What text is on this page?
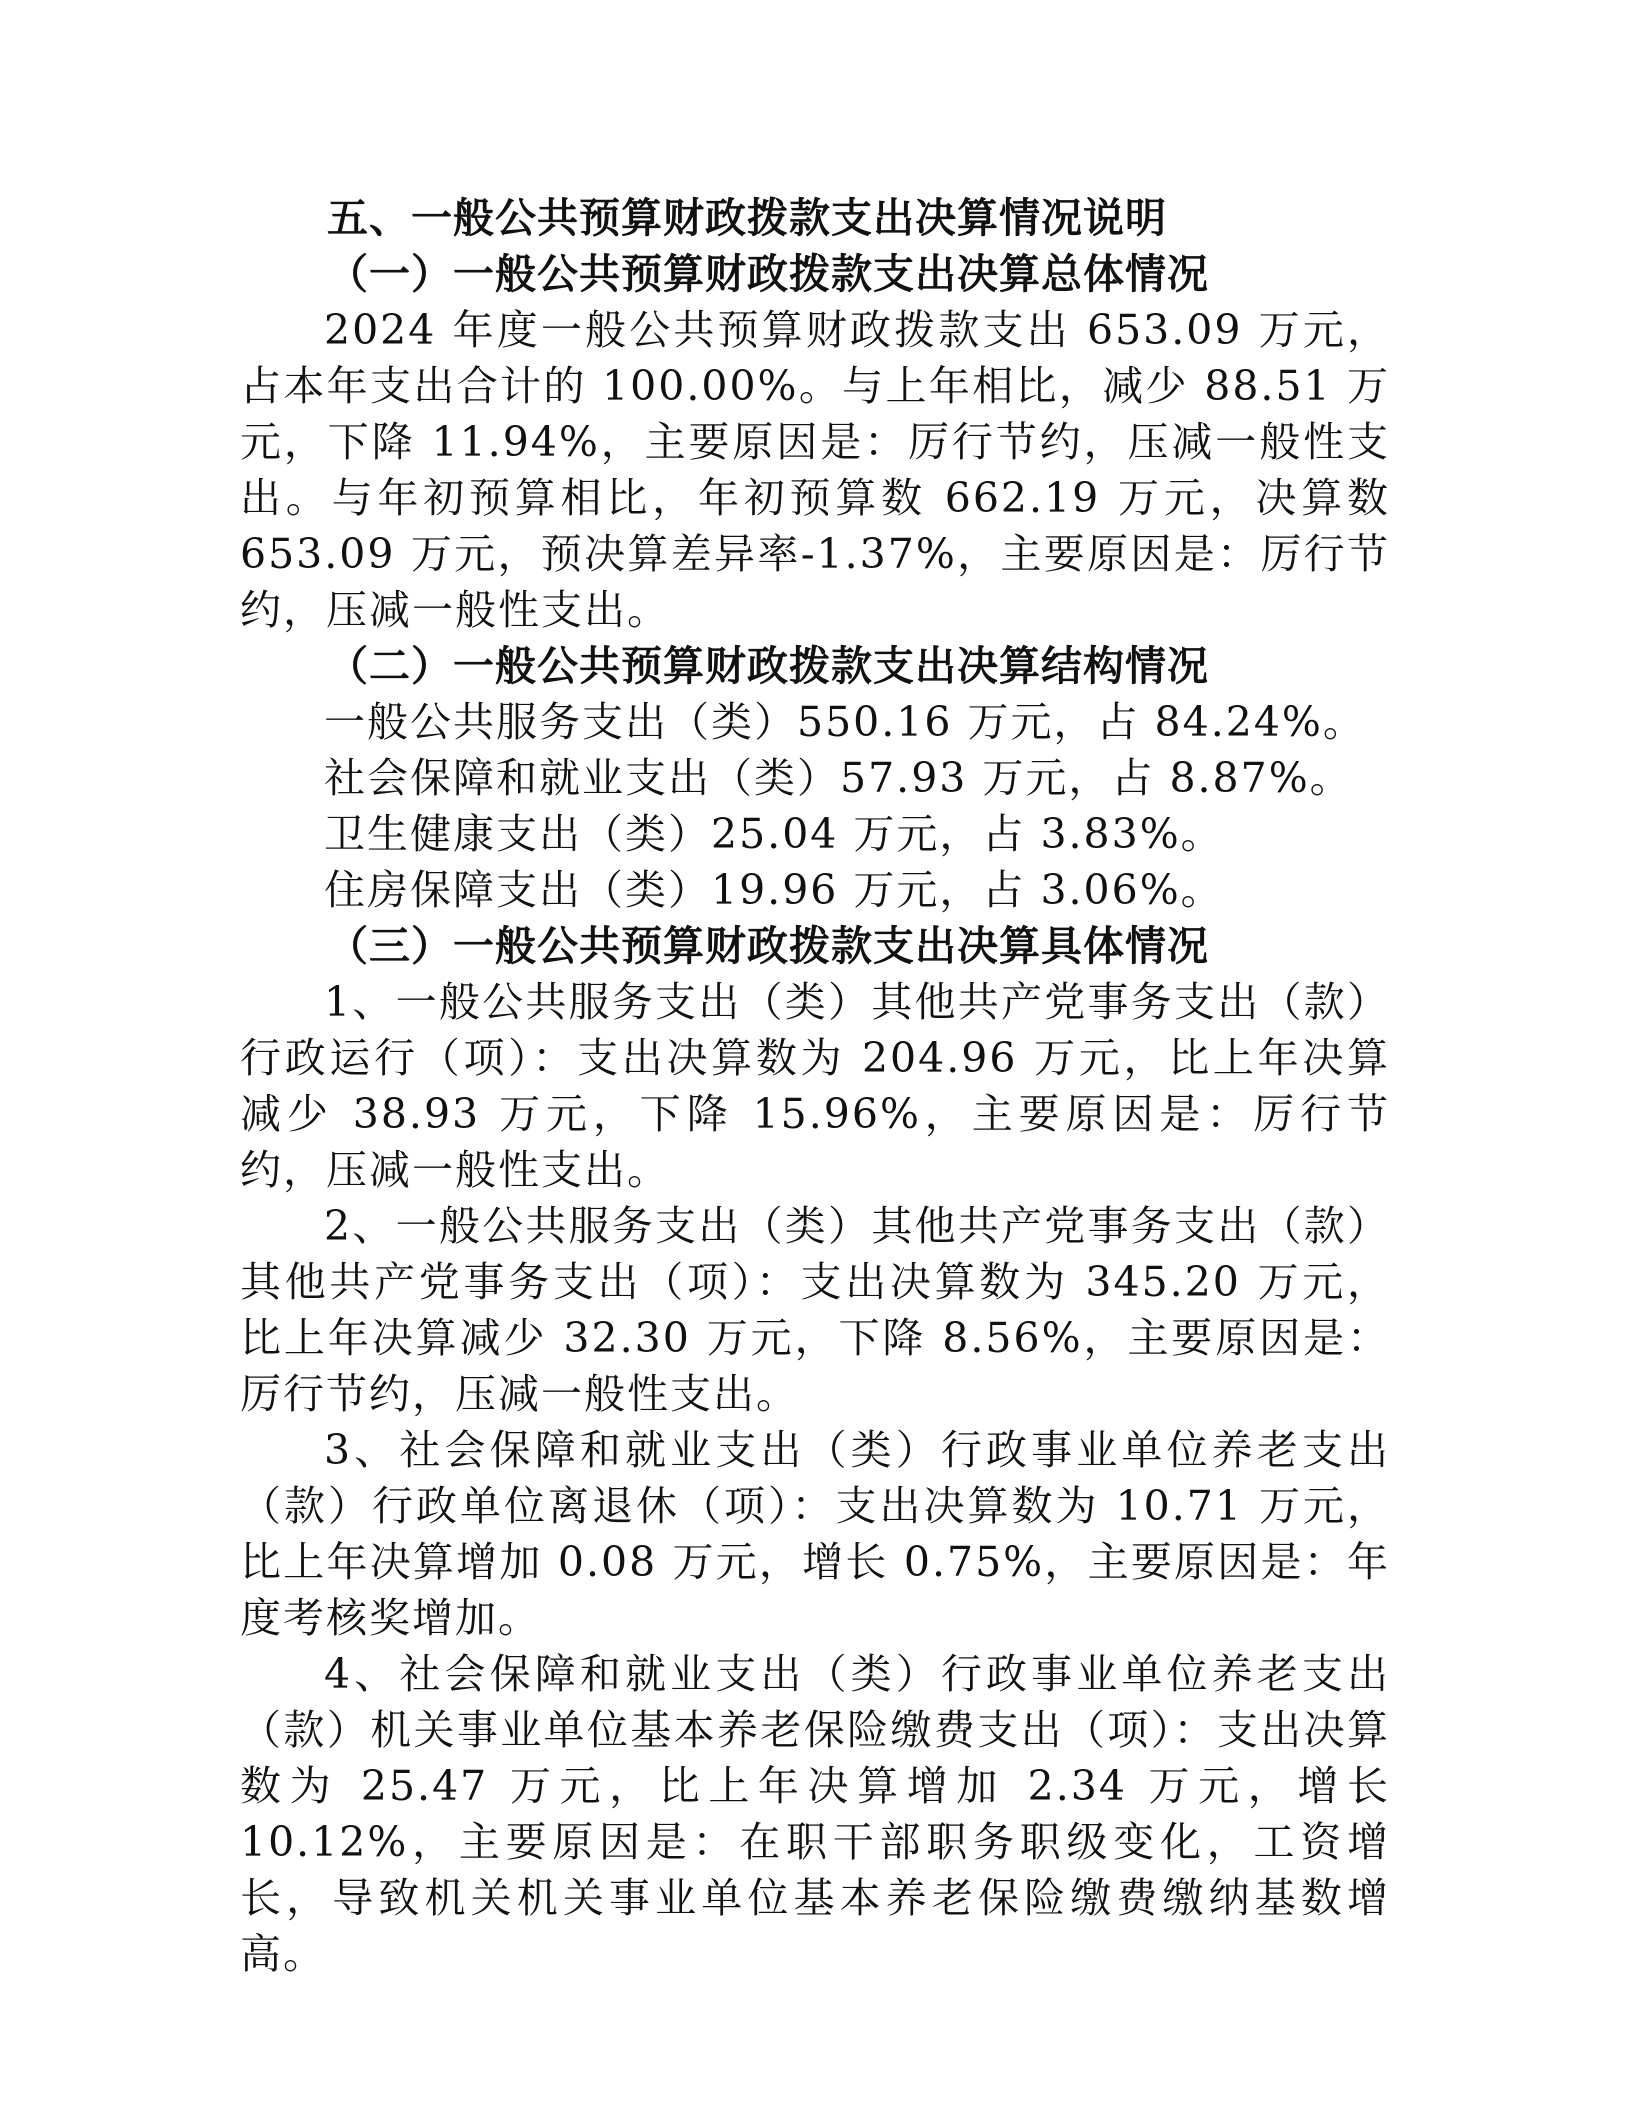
五、一般公共预算财政拨款支出决算情况说明

（一）一般公共预算财政拨款支出决算总体情况

2024 年度一般公共预算财政拨款支出 653.09 万元，占本年支出合计的 100.00%。与上年相比，减少 88.51 万元，下降 11.94%，主要原因是：厉行节约，压减一般性支出。与年初预算相比，年初预算数 662.19 万元，决算数 653.09 万元，预决算差异率-1.37%，主要原因是：厉行节约，压减一般性支出。

（二）一般公共预算财政拨款支出决算结构情况

一般公共服务支出（类）550.16 万元，占 84.24%。

社会保障和就业支出（类）57.93 万元，占 8.87%。

卫生健康支出（类）25.04 万元，占 3.83%。

住房保障支出（类）19.96 万元，占 3.06%。

（三）一般公共预算财政拨款支出决算具体情况

1、一般公共服务支出（类）其他共产党事务支出（款）行政运行（项）：支出决算数为 204.96 万元，比上年决算减少 38.93 万元，下降 15.96%，主要原因是：厉行节约，压减一般性支出。

2、一般公共服务支出（类）其他共产党事务支出（款）其他共产党事务支出（项）：支出决算数为 345.20 万元，比上年决算减少 32.30 万元，下降 8.56%，主要原因是：厉行节约，压减一般性支出。

3、社会保障和就业支出（类）行政事业单位养老支出（款）行政单位离退休（项）：支出决算数为 10.71 万元，比上年决算增加 0.08 万元，增长 0.75%，主要原因是：年度考核奖增加。

4、社会保障和就业支出（类）行政事业单位养老支出（款）机关事业单位基本养老保险缴费支出（项）：支出决算数为 25.47 万元，比上年决算增加 2.34 万元，增长 10.12%，主要原因是：在职干部职务职级变化，工资增长，导致机关机关事业单位基本养老保险缴费缴纳基数增高。
